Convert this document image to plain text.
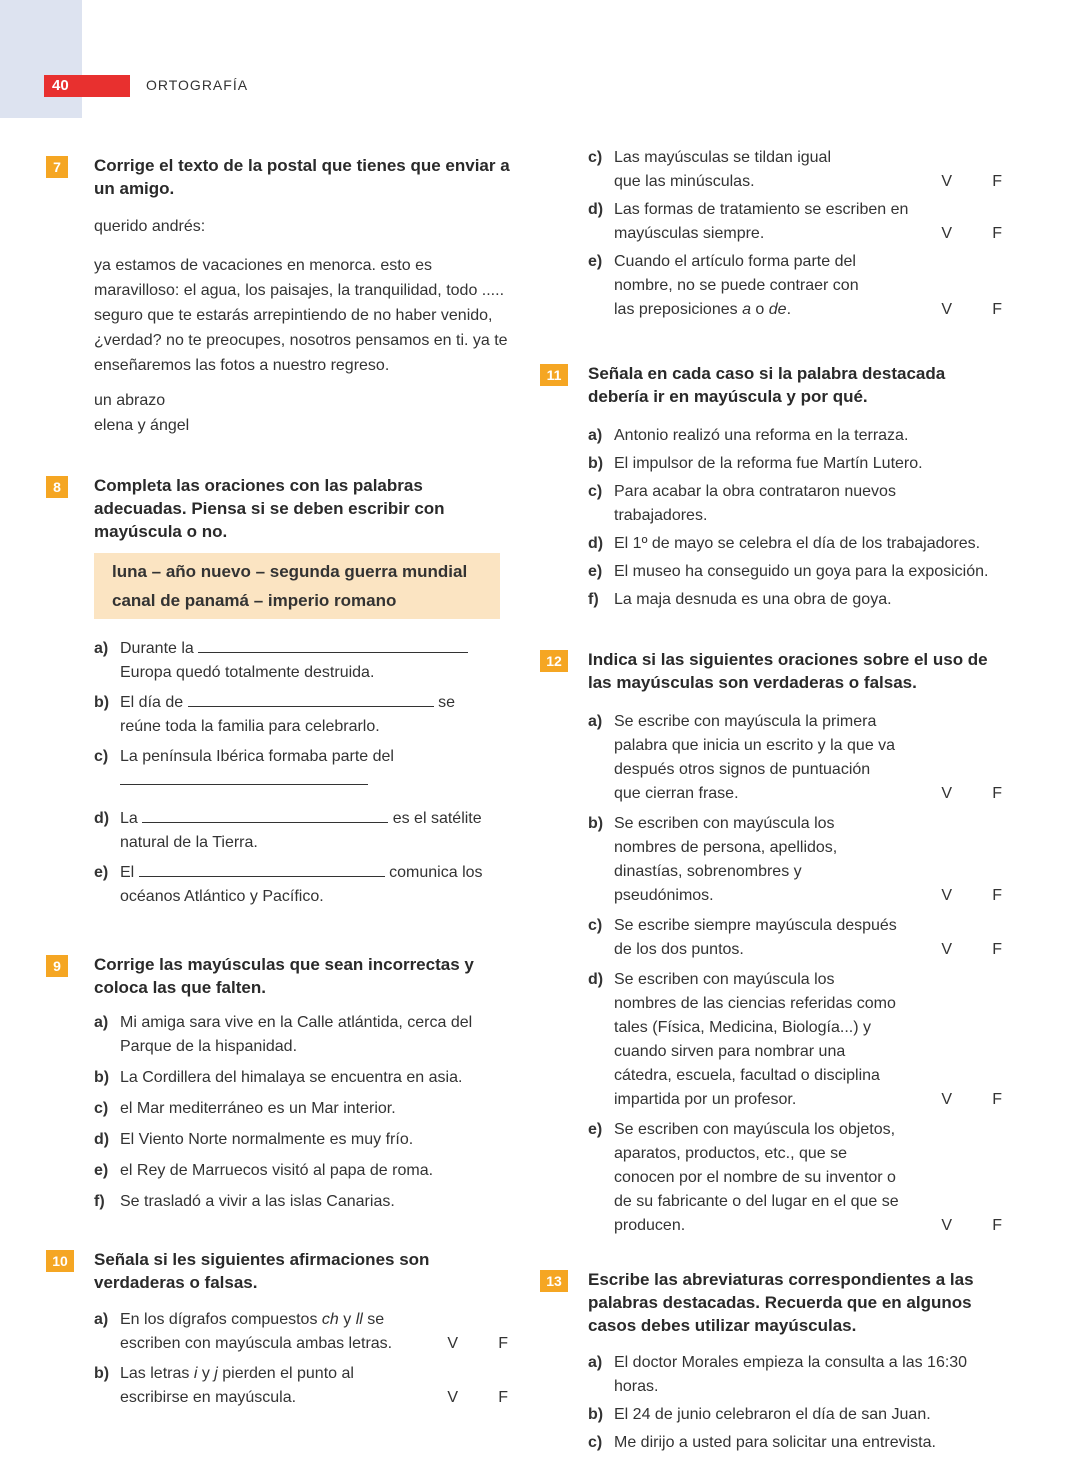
40	ORTOGRAFÍA
7	Corrige el texto de la postal que tienes que enviar a un amigo.

querido andrés:

ya estamos de vacaciones en menorca. esto es maravilloso: el agua, los paisajes, la tranquilidad, todo ..... seguro que te estarás arrepintiendo de no haber venido, ¿verdad? no te preocupes, nosotros pensamos en ti. ya te enseñaremos las fotos a nuestro regreso.

un abrazo

elena y ángel

8	Completa las oraciones con las palabras adecuadas. Piensa si se deben escribir con mayúscula o no.

luna – año nuevo – segunda guerra mundial
canal de panamá – imperio romano
a) Durante la
Europa quedó totalmente destruida.
b) El día de	se
reúne toda la familia para celebrarlo.
c) La península Ibérica formaba parte del

d) La	es el satélite
natural de la Tierra.
e) El	comunica los
océanos Atlántico y Pacífico.
9	Corrige las mayúsculas que sean incorrectas y coloca las que falten.

a) Mi amiga sara vive en la Calle atlántida, cerca del Parque de la hispanidad.
b) La Cordillera del himalaya se encuentra en asia.
c) el Mar mediterráneo es un Mar interior.
d) El Viento Norte normalmente es muy frío.
e) el Rey de Marruecos visitó al papa de roma.
f) Se trasladó a vivir a las islas Canarias.
10	Señala si les siguientes afirmaciones son verdaderas o falsas.

a) En los dígrafos compuestos ch y ll se escriben con mayúscula ambas letras.	V	F
b) Las letras i y j pierden el punto al escribirse en mayúscula.	V	F
c) Las mayúsculas se tildan igual que las minúsculas.	V	F
d) Las formas de tratamiento se escriben en mayúsculas siempre.	V	F
e) Cuando el artículo forma parte del nombre, no se puede contraer con las preposiciones a o de.	V	F
11	Señala en cada caso si la palabra destacada debería ir en mayúscula y por qué.

a) Antonio realizó una reforma en la terraza.
b) El impulsor de la reforma fue Martín Lutero.
c) Para acabar la obra contrataron nuevos trabajadores.
d) El 1º de mayo se celebra el día de los trabajadores.
e) El museo ha conseguido un goya para la exposición.
f) La maja desnuda es una obra de goya.
12	Indica si las siguientes oraciones sobre el uso de las mayúsculas son verdaderas o falsas.

a) Se escribe con mayúscula la primera palabra que inicia un escrito y la que va después otros signos de puntuación que cierran frase.	V	F
b) Se escriben con mayúscula los nombres de persona, apellidos, dinastías, sobrenombres y pseudónimos.	V	F
c) Se escribe siempre mayúscula después de los dos puntos.	V	F
d) Se escriben con mayúscula los nombres de las ciencias referidas como tales (Física, Medicina, Biología...) y cuando sirven para nombrar una cátedra, escuela, facultad o disciplina impartida por un profesor.	V	F
e) Se escriben con mayúscula los objetos, aparatos, productos, etc., que se conocen por el nombre de su inventor o de su fabricante o del lugar en el que se producen.	V	F
13	Escribe las abreviaturas correspondientes a las palabras destacadas. Recuerda que en algunos casos debes utilizar mayúsculas.

a) El doctor Morales empieza la consulta a las 16:30 horas.
b) El 24 de junio celebraron el día de san Juan.
c) Me dirijo a usted para solicitar una entrevista.
